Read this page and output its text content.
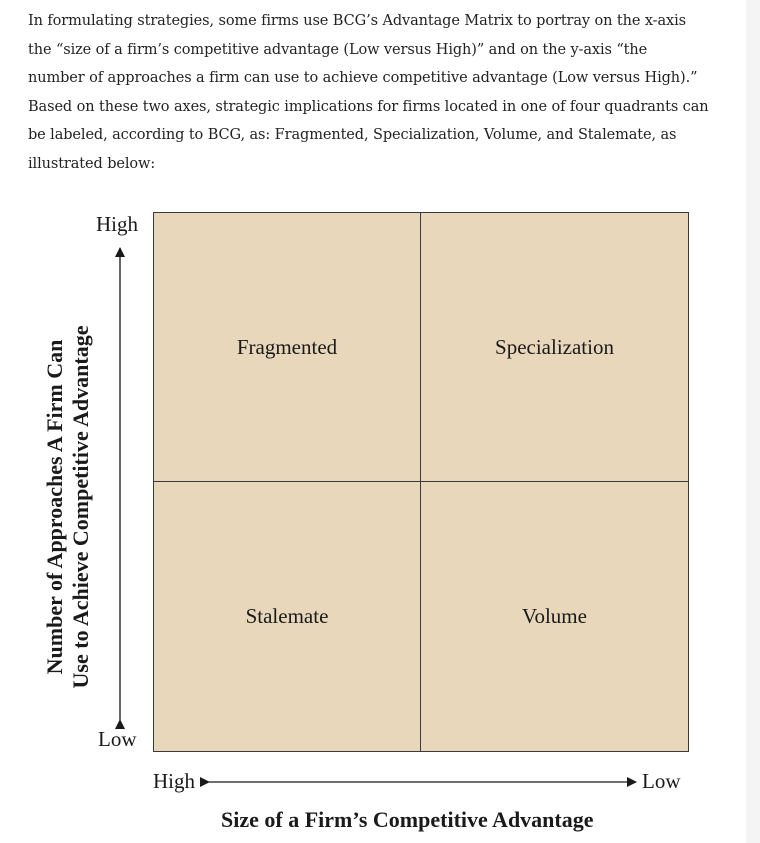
In formulating strategies, some firms use BCG’s Advantage Matrix to portray on the x-axis
the “size of a firm’s competitive advantage (Low versus High)” and on the y-axis “the
number of approaches a firm can use to achieve competitive advantage (Low versus High).”
Based on these two axes, strategic implications for firms located in one of four quadrants can
be labeled, according to BCG, as: Fragmented, Specialization, Volume, and Stalemate, as
illustrated below:
Fragmented	Specialization
Stalemate	Volume
High
Low
High	Low
Number of Approaches A Firm Can Use to Achieve Competitive Advantage
Size of a Firm’s Competitive Advantage
